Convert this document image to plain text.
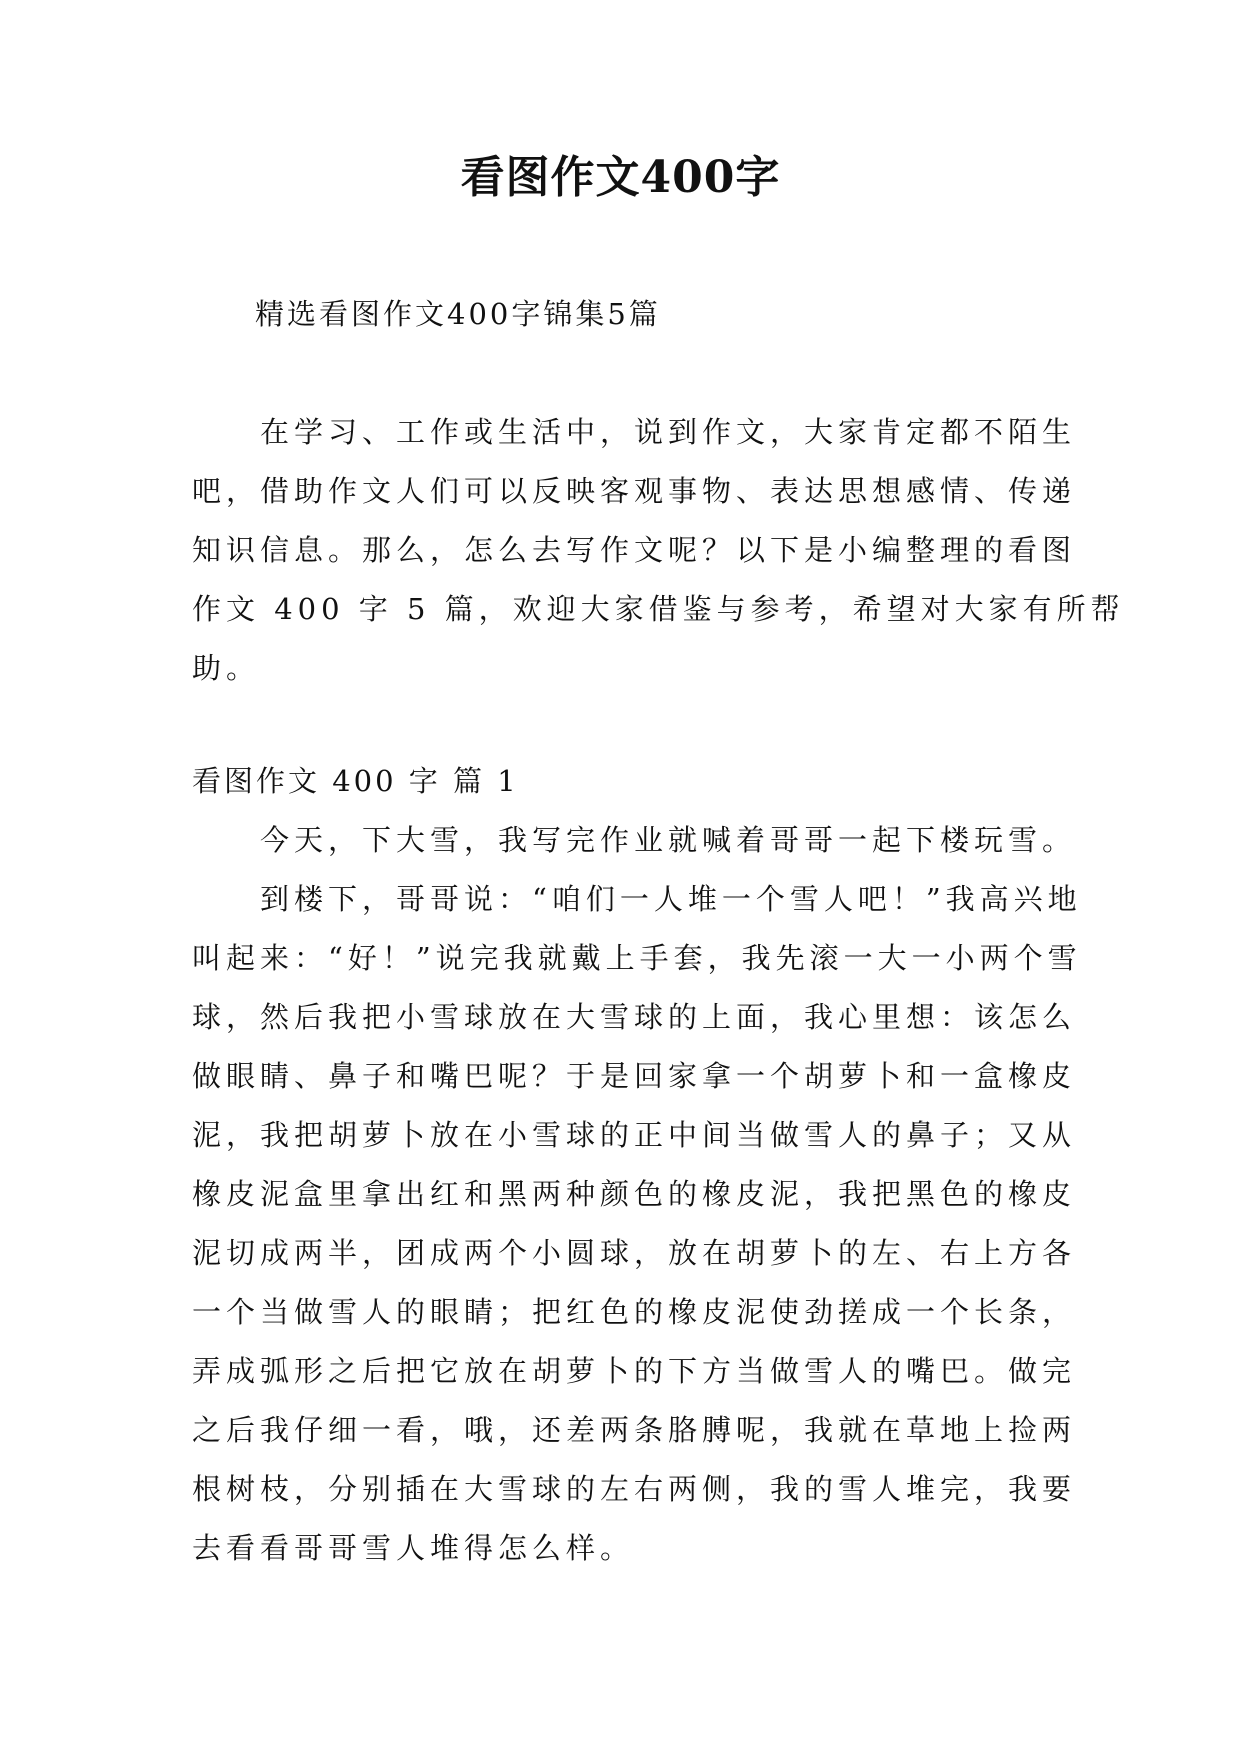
看图作文400字

精选看图作文400字锦集5篇

　　在学习、工作或生活中，说到作文，大家肯定都不陌生
吧，借助作文人们可以反映客观事物、表达思想感情、传递
知识信息。那么，怎么去写作文呢？以下是小编整理的看图
作文 400 字 5 篇，欢迎大家借鉴与参考，希望对大家有所帮
助。

看图作文 400 字 篇 1

　　今天，下大雪，我写完作业就喊着哥哥一起下楼玩雪。
　　到楼下，哥哥说：“咱们一人堆一个雪人吧！”我高兴地
叫起来：“好！”说完我就戴上手套，我先滚一大一小两个雪
球，然后我把小雪球放在大雪球的上面，我心里想：该怎么
做眼睛、鼻子和嘴巴呢？于是回家拿一个胡萝卜和一盒橡皮
泥，我把胡萝卜放在小雪球的正中间当做雪人的鼻子；又从
橡皮泥盒里拿出红和黑两种颜色的橡皮泥，我把黑色的橡皮
泥切成两半，团成两个小圆球，放在胡萝卜的左、右上方各
一个当做雪人的眼睛；把红色的橡皮泥使劲搓成一个长条，
弄成弧形之后把它放在胡萝卜的下方当做雪人的嘴巴。做完
之后我仔细一看，哦，还差两条胳膊呢，我就在草地上捡两
根树枝，分别插在大雪球的左右两侧，我的雪人堆完，我要
去看看哥哥雪人堆得怎么样。
